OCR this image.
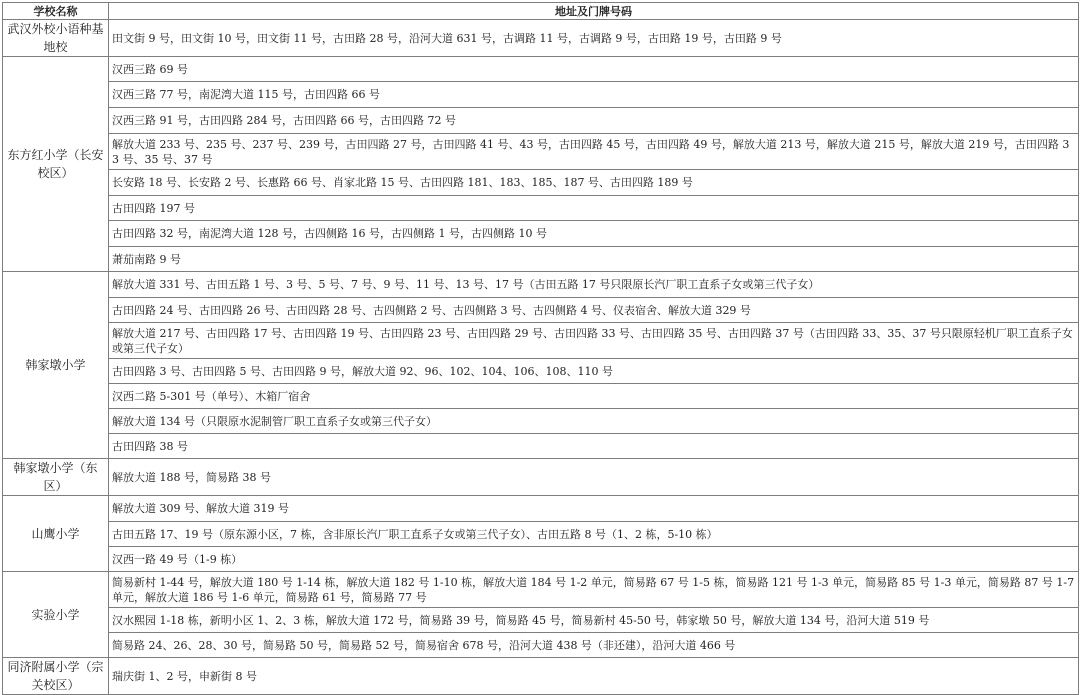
学校名称	地址及门牌号码
武汉外校小语种基地校	田文街 9 号，田文街 10 号，田文街 11 号，古田路 28 号，沿河大道 631 号，古调路 11 号，古调路 9 号，古田路 19 号，古田路 9 号
东方红小学（长安校区）	汉西三路 69 号
	汉西三路 77 号，南泥湾大道 115 号，古田四路 66 号
	汉西三路 91 号，古田四路 284 号，古田四路 66 号，古田四路 72 号
	解放大道 233 号、235 号、237 号、239 号，古田四路 27 号，古田四路 41 号、43 号，古田四路 45 号，古田四路 49 号，解放大道 213 号，解放大道 215 号，解放大道 219 号，古田四路 33 号、35 号、37 号
	长安路 18 号、长安路 2 号、长惠路 66 号、肖家北路 15 号、古田四路 181、183、185、187 号、古田四路 189 号
	古田四路 197 号
	古田四路 32 号，南泥湾大道 128 号，古四侧路 16 号，古四侧路 1 号，古四侧路 10 号
	萧茄南路 9 号
韩家墩小学	解放大道 331 号、古田五路 1 号、3 号、5 号、7 号、9 号、11 号、13 号、17 号（古田五路 17 号只限原长汽厂职工直系子女或第三代子女）
	古田四路 24 号、古田四路 26 号、古田四路 28 号、古四侧路 2 号、古四侧路 3 号、古四侧路 4 号、仪表宿舍、解放大道 329 号
	解放大道 217 号、古田四路 17 号、古田四路 19 号、古田四路 23 号、古田四路 29 号、古田四路 33 号、古田四路 35 号、古田四路 37 号（古田四路 33、35、37 号只限原轻机厂职工直系子女或第三代子女）
	古田四路 3 号、古田四路 5 号、古田四路 9 号，解放大道 92、96、102、104、106、108、110 号
	汉西二路 5-301 号（单号）、木箱厂宿舍
	解放大道 134 号（只限原水泥制管厂职工直系子女或第三代子女）
	古田四路 38 号
韩家墩小学（东区）	解放大道 188 号，简易路 38 号
山鹰小学	解放大道 309 号、解放大道 319 号
	古田五路 17、19 号（原东源小区，7 栋，含非原长汽厂职工直系子女或第三代子女）、古田五路 8 号（1、2 栋，5-10 栋）
	汉西一路 49 号（1-9 栋）
实验小学	简易新村 1-44 号，解放大道 180 号 1-14 栋，解放大道 182 号 1-10 栋，解放大道 184 号 1-2 单元，简易路 67 号 1-5 栋，简易路 121 号 1-3 单元，简易路 85 号 1-3 单元，简易路 87 号 1-7 单元，解放大道 186 号 1-6 单元，简易路 61 号，简易路 77 号
	汉水熙园 1-18 栋，新明小区 1、2、3 栋，解放大道 172 号，简易路 39 号，简易路 45 号，简易新村 45-50 号，韩家墩 50 号，解放大道 134 号，沿河大道 519 号
	简易路 24、26、28、30 号，简易路 50 号，简易路 52 号，简易宿舍 678 号，沿河大道 438 号（非还建），沿河大道 466 号
同济附属小学（宗关校区）	瑞庆街 1、2 号，申新街 8 号
